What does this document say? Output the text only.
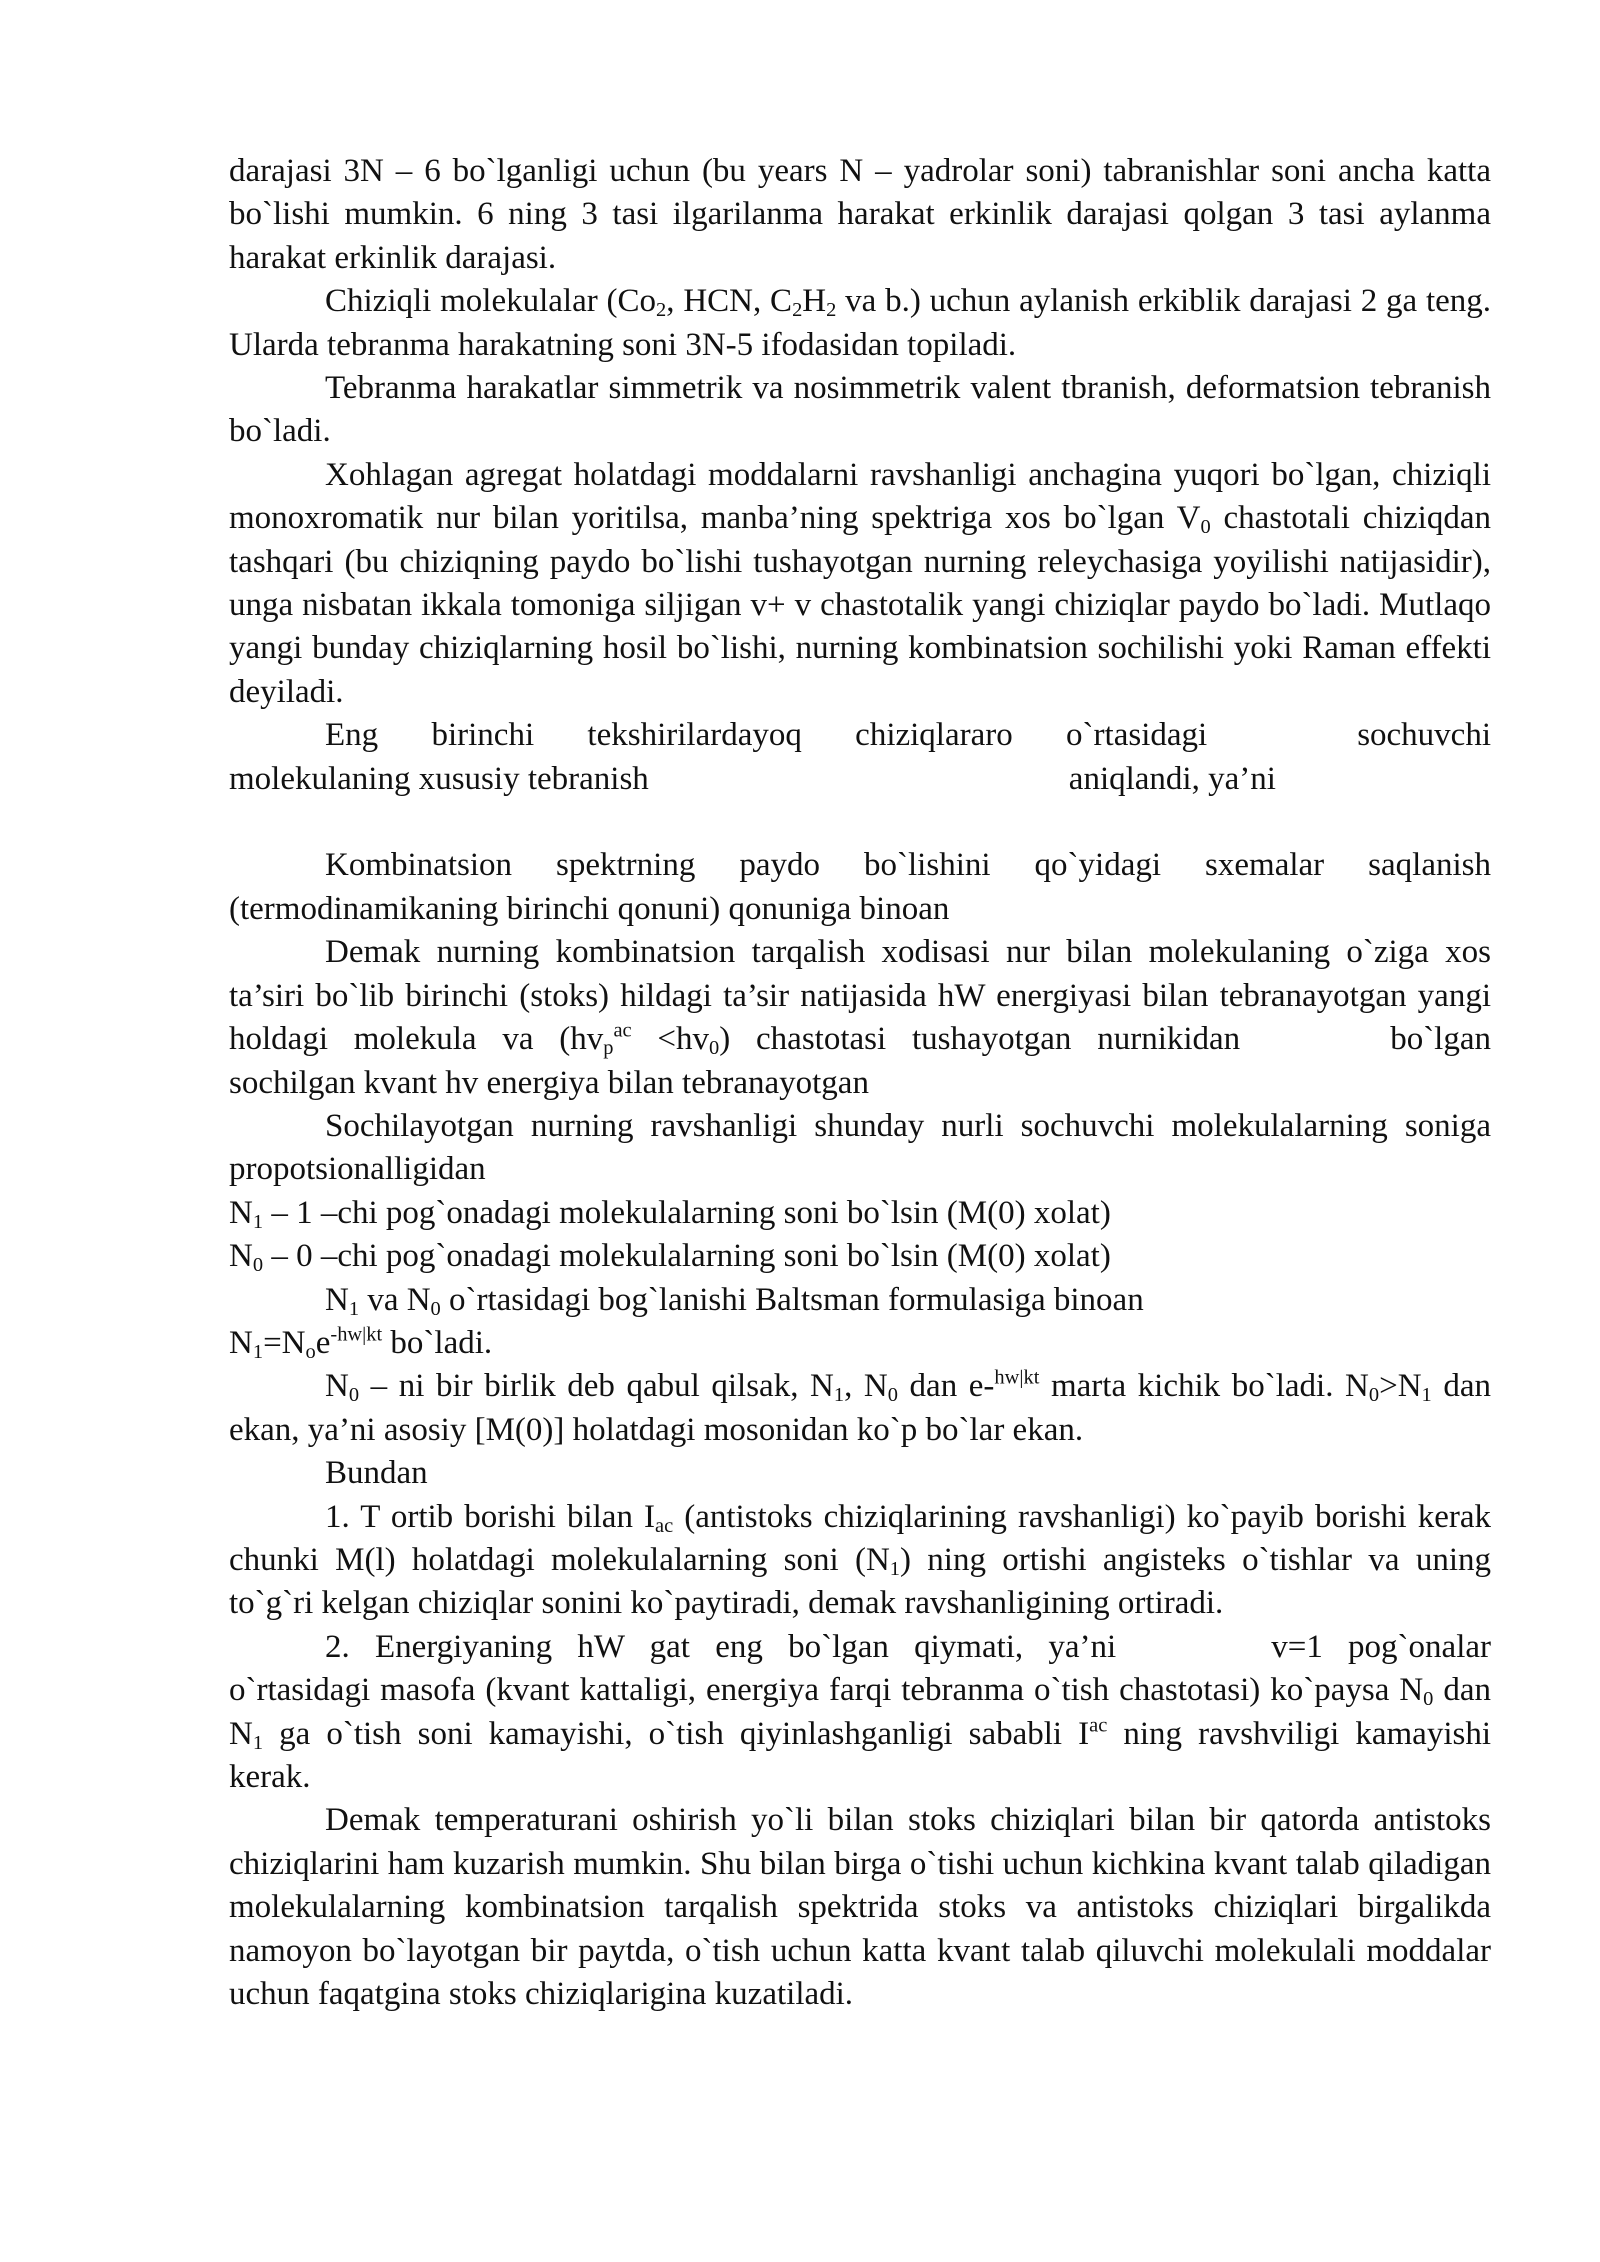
darajasi 3N – 6 bo`lganligi uchun (bu years N – yadrolar soni) tabranishlar soni ancha katta bo`lishi mumkin. 6 ning 3 tasi ilgarilanma harakat erkinlik darajasi qolgan 3 tasi aylanma harakat erkinlik darajasi.

Chiziqli molekulalar ($Co_2$, HCN, $C_2H_2$ va b.) uchun aylanish erkiblik darajasi 2 ga teng. Ularda tebranma harakatning soni 3N-5 ifodasidan topiladi.

Tebranma harakatlar simmetrik va nosimmetrik valent tbranish, deformatsion tebranish bo`ladi.

Xohlagan agregat holatdagi moddalarni ravshanligi anchagina yuqori bo`lgan, chiziqli monoxromatik nur bilan yoritilsa, manba’ning spektriga xos bo`lgan $V_0$ chastotali chiziqdan tashqari (bu chiziqning paydo bo`lishi tushayotgan nurning releychasiga yoyilishi natijasidir), unga nisbatan ikkala tomoniga siljigan v+ v chastotalik yangi chiziqlar paydo bo`ladi. Mutlaqo yangi bunday chiziqlarning hosil bo`lishi, nurning kombinatsion sochilishi yoki Raman effekti deyiladi.

Eng birinchi tekshirilardayoq chiziqlararo o`rtasidagi	sochuvchi molekulaning xususiy tebranish	aniqlandi, ya’ni

Kombinatsion spektrning paydo bo`lishini qo`yidagi sxemalar saqlanish (termodinamikaning birinchi qonuni) qonuniga binoan

Demak nurning kombinatsion tarqalish xodisasi nur bilan molekulaning o`ziga xos ta’siri bo`lib birinchi (stoks) hildagi ta’sir natijasida hW energiyasi bilan tebranayotgan yangi holdagi molekula va $(hv_p^{ac} <hv_0)$ chastotasi tushayotgan nurnikidan	bo`lgan sochilgan kvant hv energiya bilan tebranayotgan

Sochilayotgan nurning ravshanligi shunday nurli sochuvchi molekulalarning soniga propotsionalligidan

$N_1 - 1$ –chi pog`onadagi molekulalarning soni bo`lsin (M(0) xolat)

$N_0 - 0$ –chi pog`onadagi molekulalarning soni bo`lsin (M(0) xolat)

$N_1$ va $N_0$ o`rtasidagi bog`lanishi Baltsman formulasiga binoan

$N_1=N_oe^{-hw|kt}$ bo`ladi.

$N_0$ – ni bir birlik deb qabul qilsak, $N_1$, $N_0$ dan e-$^{hw|kt}$ marta kichik bo`ladi. $N_0>N_1$ dan ekan, ya’ni asosiy [M(0)] holatdagi mosonidan ko`p bo`lar ekan.

Bundan

1. T ortib borishi bilan $I_{ac}$ (antistoks chiziqlarining ravshanligi) ko`payib borishi kerak chunki M(l) holatdagi molekulalarning soni $(N_1)$ ning ortishi angisteks o`tishlar va uning to`g`ri kelgan chiziqlar sonini ko`paytiradi, demak ravshanligining ortiradi.

2. Energiyaning hW gat eng bo`lgan qiymati, ya’ni	v=1 pog`onalar o`rtasidagi masofa (kvant kattaligi, energiya farqi tebranma o`tish chastotasi) ko`paysa $N_0$ dan $N_1$ ga o`tish soni kamayishi, o`tish qiyinlashganligi sababli $I^{ac}$ ning ravshviligi kamayishi kerak.

Demak temperaturani oshirish yo`li bilan stoks chiziqlari bilan bir qatorda antistoks chiziqlarini ham kuzarish mumkin. Shu bilan birga o`tishi uchun kichkina kvant talab qiladigan molekulalarning kombinatsion tarqalish spektrida stoks va antistoks chiziqlari birgalikda namoyon bo`layotgan bir paytda, o`tish uchun katta kvant talab qiluvchi molekulali moddalar uchun faqatgina stoks chiziqlarigina kuzatiladi.
